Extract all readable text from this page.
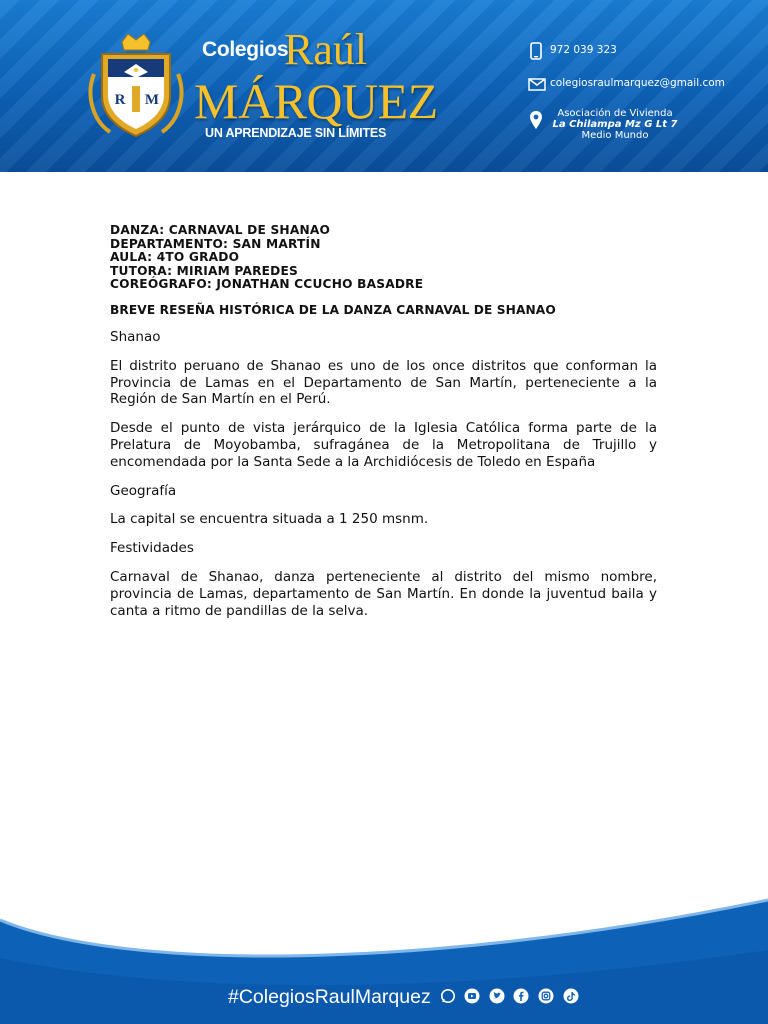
R M
Colegios
Raúl
MÁRQUEZ
UN APRENDIZAJE SIN LÍMITES
972 039 323
colegiosraulmarquez@gmail.com
Asociación de Vivienda
La Chilampa Mz G Lt 7
Medio Mundo
DANZA: CARNAVAL DE SHANAO
DEPARTAMENTO: SAN MARTÍN
AULA: 4TO GRADO
TUTORA: MIRIAM PAREDES
COREÓGRAFO: JONATHAN CCUCHO BASADRE
BREVE RESEÑA HISTÓRICA DE LA DANZA CARNAVAL DE SHANAO
Shanao
El distrito peruano de Shanao es uno de los once distritos que conforman la Provincia de Lamas en el Departamento de San Martín, perteneciente a la Región de San Martín en el Perú.
Desde el punto de vista jerárquico de la Iglesia Católica forma parte de la Prelatura de Moyobamba, sufragánea de la Metropolitana de Trujillo y encomendada por la Santa Sede a la Archidiócesis de Toledo en España
Geografía
La capital se encuentra situada a 1 250 msnm.
Festividades
Carnaval de Shanao, danza perteneciente al distrito del mismo nombre, provincia de Lamas, departamento de San Martín. En donde la juventud baila y canta a ritmo de pandillas de la selva.
#ColegiosRaulMarquez
